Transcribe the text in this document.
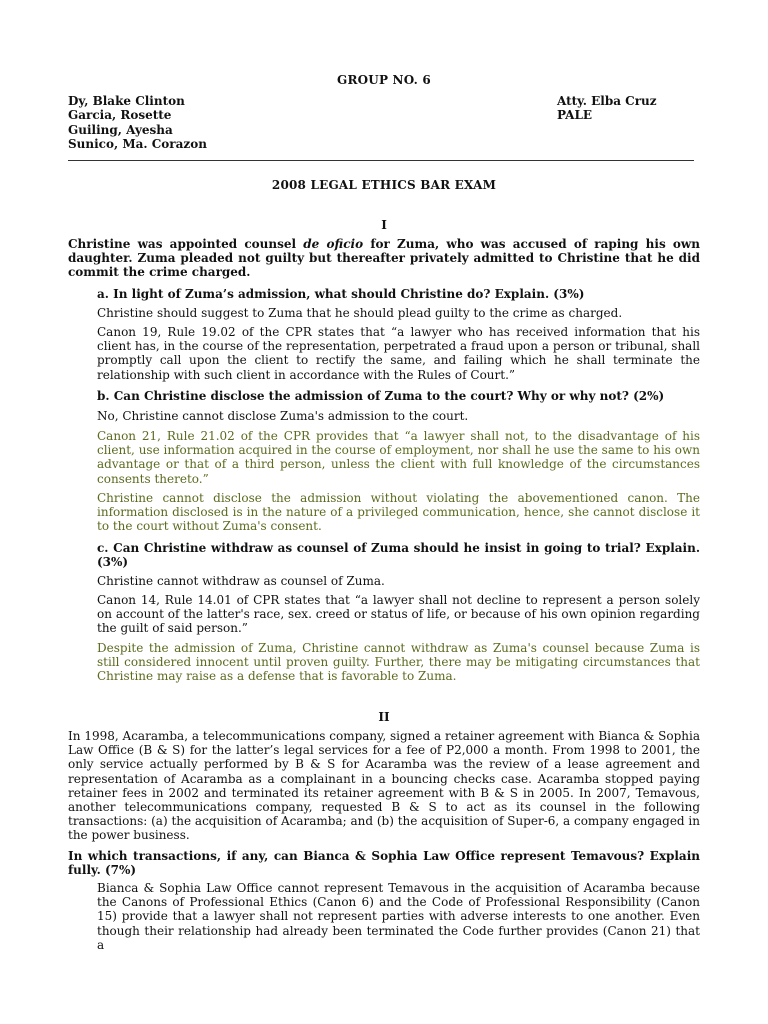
GROUP NO. 6
Dy, Blake Clinton
Garcia, Rosette
Guiling, Ayesha
Sunico, Ma. Corazon
Atty. Elba Cruz
PALE
2008 LEGAL ETHICS BAR EXAM
I
Christine was appointed counsel de oficio for Zuma, who was accused of raping his own daughter. Zuma pleaded not guilty but thereafter privately admitted to Christine that he did commit the crime charged.
a. In light of Zuma’s admission, what should Christine do? Explain. (3%)
Christine should suggest to Zuma that he should plead guilty to the crime as charged.
Canon 19, Rule 19.02 of the CPR states that “a lawyer who has received information that his client has, in the course of the representation, perpetrated a fraud upon a person or tribunal, shall promptly call upon the client to rectify the same, and failing which he shall terminate the relationship with such client in accordance with the Rules of Court.”
b. Can Christine disclose the admission of Zuma to the court? Why or why not? (2%)
No, Christine cannot disclose Zuma's admission to the court.
Canon 21, Rule 21.02 of the CPR provides that “a lawyer shall not, to the disadvantage of his client, use information acquired in the course of employment, nor shall he use the same to his own advantage or that of a third person, unless the client with full knowledge of the circumstances consents thereto.”
Christine cannot disclose the admission without violating the abovementioned canon. The information disclosed is in the nature of a privileged communication, hence, she cannot disclose it to the court without Zuma's consent.
c. Can Christine withdraw as counsel of Zuma should he insist in going to trial? Explain. (3%)
Christine cannot withdraw as counsel of Zuma.
Canon 14, Rule 14.01 of CPR states that “a lawyer shall not decline to represent a person solely on account of the latter's race, sex. creed or status of life, or because of his own opinion regarding the guilt of said person.”
Despite the admission of Zuma, Christine cannot withdraw as Zuma's counsel because Zuma is still considered innocent until proven guilty. Further, there may be mitigating circumstances that Christine may raise as a defense that is favorable to Zuma.
II
In 1998, Acaramba, a telecommunications company, signed a retainer agreement with Bianca & Sophia Law Office (B & S) for the latter’s legal services for a fee of P2,000 a month. From 1998 to 2001, the only service actually performed by B & S for Acaramba was the review of a lease agreement and representation of Acaramba as a complainant in a bouncing checks case. Acaramba stopped paying retainer fees in 2002 and terminated its retainer agreement with B & S in 2005. In 2007, Temavous, another telecommunications company, requested B & S to act as its counsel in the following transactions: (a) the acquisition of Acaramba; and (b) the acquisition of Super-6, a company engaged in the power business.
In which transactions, if any, can Bianca & Sophia Law Office represent Temavous? Explain fully. (7%)
Bianca & Sophia Law Office cannot represent Temavous in the acquisition of Acaramba because the Canons of Professional Ethics (Canon 6) and the Code of Professional Responsibility (Canon 15) provide that a lawyer shall not represent parties with adverse interests to one another. Even though their relationship had already been terminated the Code further provides (Canon 21) that a
